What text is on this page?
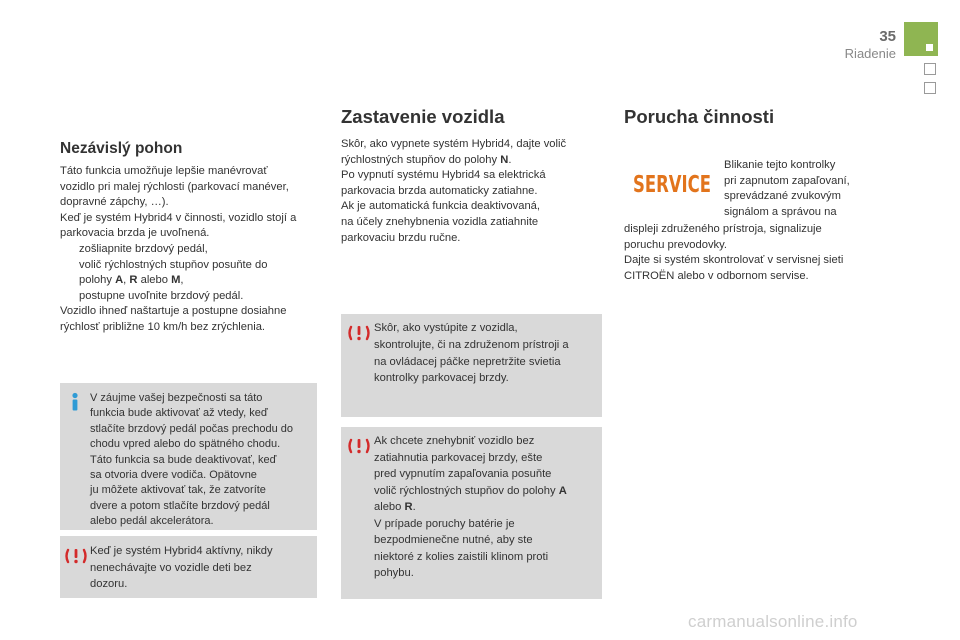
35
Riadenie
Nezávislý pohon

Táto funkcia umožňuje lepšie manévrovať

vozidlo pri malej rýchlosti (parkovací manéver,

dopravné zápchy, …).

Keď je systém Hybrid4 v činnosti, vozidlo stojí a

parkovacia brzda je uvoľnená.

zošliapnite brzdový pedál,

volič rýchlostných stupňov posuňte do

polohy A, R alebo M,

postupne uvoľnite brzdový pedál.

Vozidlo ihneď naštartuje a postupne dosiahne

rýchlosť približne 10 km/h bez zrýchlenia.

V záujme vašej bezpečnosti sa táto

funkcia bude aktivovať až vtedy, keď

stlačíte brzdový pedál počas prechodu do

chodu vpred alebo do spätného chodu.

Táto funkcia sa bude deaktivovať, keď

sa otvoria dvere vodiča. Opätovne

ju môžete aktivovať tak, že zatvoríte

dvere a potom stlačíte brzdový pedál

alebo pedál akcelerátora.

Keď je systém Hybrid4 aktívny, nikdy

nenechávajte vo vozidle deti bez

dozoru.

Zastavenie vozidla

Skôr, ako vypnete systém Hybrid4, dajte volič

rýchlostných stupňov do polohy N.

Po vypnutí systému Hybrid4 sa elektrická

parkovacia brzda automaticky zatiahne.

Ak je automatická funkcia deaktivovaná,

na účely znehybnenia vozidla zatiahnite

parkovaciu brzdu ručne.

Skôr, ako vystúpite z vozidla,

skontrolujte, či na združenom prístroji a

na ovládacej páčke nepretržite svietia

kontrolky parkovacej brzdy.

Ak chcete znehybniť vozidlo bez

zatiahnutia parkovacej brzdy, ešte

pred vypnutím zapaľovania posuňte

volič rýchlostných stupňov do polohy A

alebo R.

V prípade poruchy batérie je

bezpodmienečne nutné, aby ste

niektoré z kolies zaistili klinom proti

pohybu.

Porucha činnosti
SERVICE

Blikanie tejto kontrolky

pri zapnutom zapaľovaní,

sprevádzané zvukovým

signálom a správou na

displeji združeného prístroja, signalizuje

poruchu prevodovky.

Dajte si systém skontrolovať v servisnej sieti

CITROËN alebo v odbornom servise.

carmanualsonline.info
